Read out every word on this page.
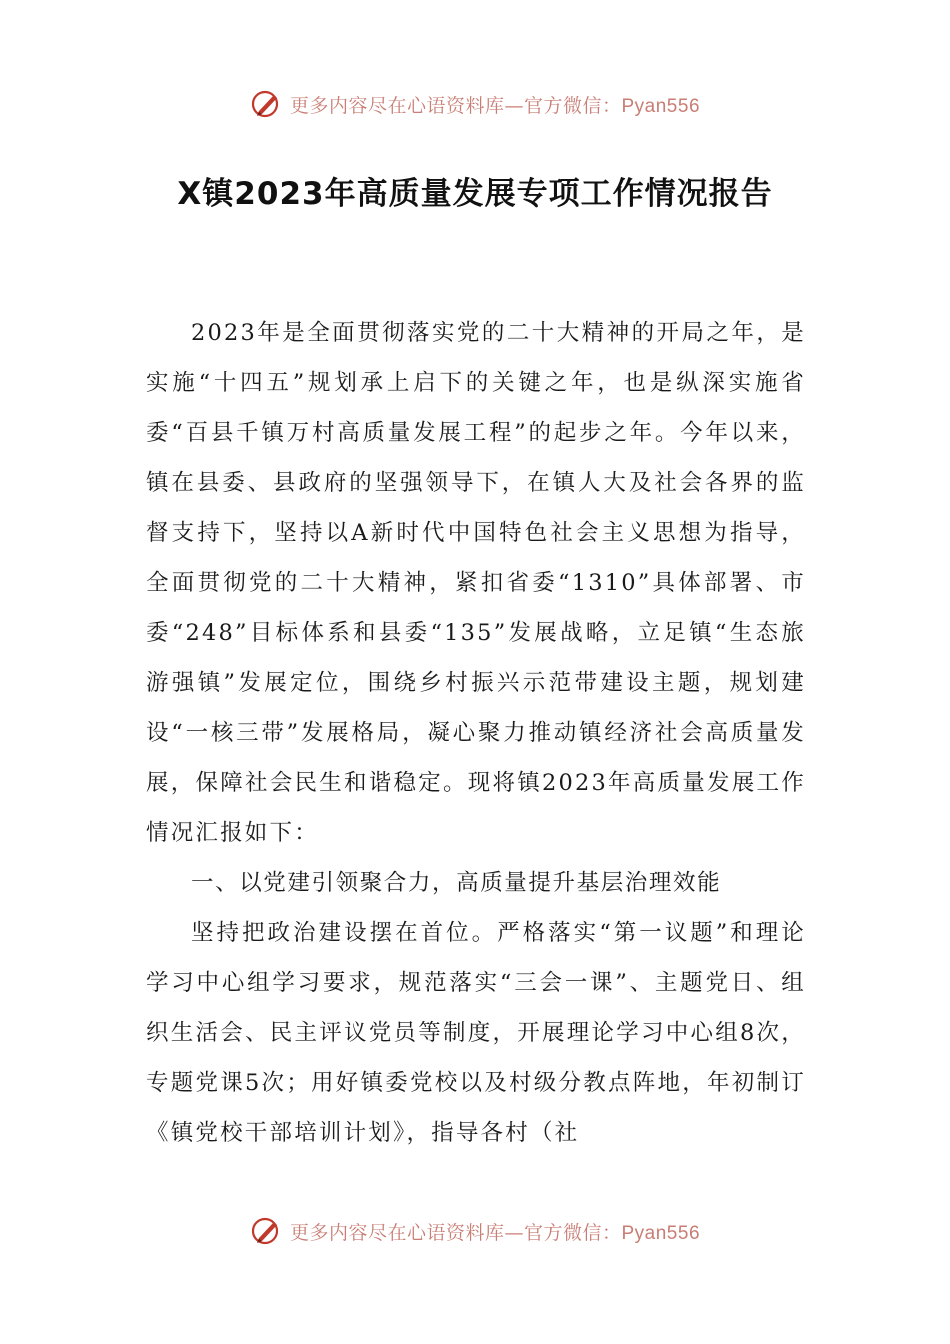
更多内容尽在心语资料库—官方微信：Pyan556
X镇2023年高质量发展专项工作情况报告

2023年是全面贯彻落实党的二十大精神的开局之年，是实施“十四五”规划承上启下的关键之年，也是纵深实施省委“百县千镇万村高质量发展工程”的起步之年。今年以来，镇在县委、县政府的坚强领导下，在镇人大及社会各界的监督支持下，坚持以A新时代中国特色社会主义思想为指导，全面贯彻党的二十大精神，紧扣省委“1310”具体部署、市委“248”目标体系和县委“135”发展战略，立足镇“生态旅游强镇”发展定位，围绕乡村振兴示范带建设主题，规划建设“一核三带”发展格局，凝心聚力推动镇经济社会高质量发展，保障社会民生和谐稳定。现将镇2023年高质量发展工作情况汇报如下：

一、以党建引领聚合力，高质量提升基层治理效能

坚持把政治建设摆在首位。严格落实“第一议题”和理论学习中心组学习要求，规范落实“三会一课”、主题党日、组织生活会、民主评议党员等制度，开展理论学习中心组8次，专题党课5次；用好镇委党校以及村级分教点阵地，年初制订《镇党校干部培训计划》，指导各村（社

更多内容尽在心语资料库—官方微信：Pyan556
